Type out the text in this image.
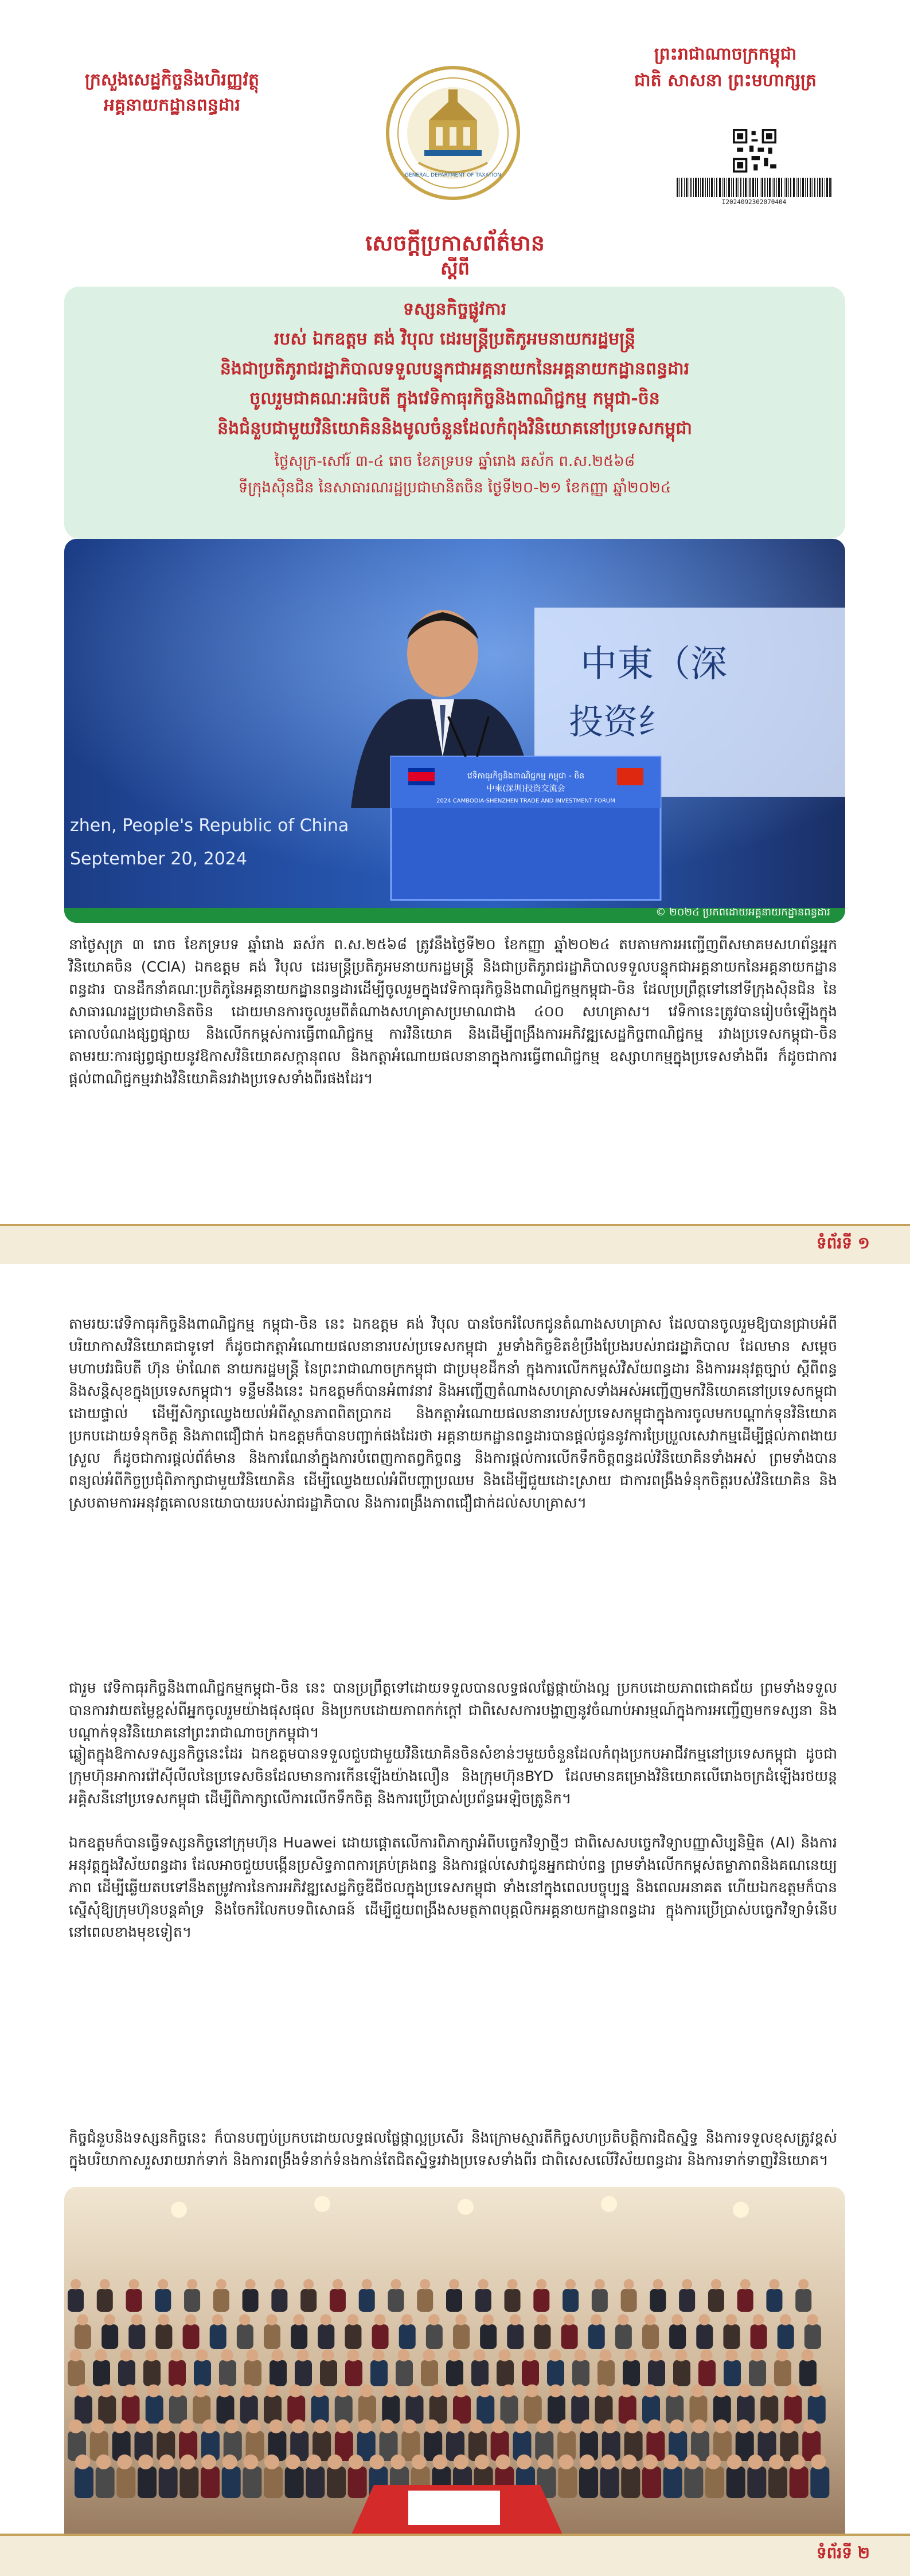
ក្រសួងសេដ្ឋកិច្ចនិងហិរញ្ញវត្ថុ
អគ្គនាយកដ្ឋានពន្ធដារ
GENERAL DEPARTMENT OF TAXATION
ព្រះរាជាណាចក្រកម្ពុជា
ជាតិ សាសនា ព្រះមហាក្សត្រ
I2024092302070404
សេចក្តីប្រកាសព័ត៌មាន
ស្តីពី
ទស្សនកិច្ចផ្លូវការ
របស់ ឯកឧត្តម គង់ វិបុល ដេរមន្ត្រីប្រតិភូអមនាយករដ្ឋមន្ត្រី
និងជាប្រតិភូរាជរដ្ឋាភិបាលទទួលបន្ទុកជាអគ្គនាយកនៃអគ្គនាយកដ្ឋានពន្ធដារ
ចូលរួមជាគណៈអធិបតី ក្នុងវេទិកាធុរកិច្ចនិងពាណិជ្ជកម្ម កម្ពុជា-ចិន
និងជំនួបជាមួយវិនិយោគិននិងមូលចំនួនដែលកំពុងវិនិយោគនៅប្រទេសកម្ពុជា
ថ្ងៃសុក្រ-សៅរ៍ ៣-៤ រោច ខែភទ្របទ ឆ្នាំរោង ឆស័ក ព.ស.២៥៦៨
ទីក្រុងស៊ិនជិន នៃសាធារណរដ្ឋប្រជាមានិតចិន ថ្ងៃទី២០-២១ ខែកញ្ញា ឆ្នាំ២០២៤
中東（深
投资纟
zhen, People's Republic of China
September 20, 2024
វេទិកាធុរកិច្ចនិងពាណិជ្ជកម្ម កម្ពុជា - ចិន
中柬(深圳)投资交流会
2024 CAMBODIA-SHENZHEN TRADE AND INVESTMENT FORUM
© ២០២៤ ប្រភពដោយអគ្គនាយកដ្ឋានពន្ធដារ
នាថ្ងៃសុក្រ ៣ រោច ខែភទ្របទ ឆ្នាំរោង ឆស័ក ព.ស.២៥៦៨ ត្រូវនឹងថ្ងៃទី២០ ខែកញ្ញា ឆ្នាំ២០២៤ តបតាមការអញ្ជើញពីសមាគមសហព័ន្ធអ្នកវិនិយោគចិន (CCIA) ឯកឧត្តម គង់ វិបុល ដេរមន្ត្រីប្រតិភូអមនាយករដ្ឋមន្ត្រី និងជាប្រតិភូរាជរដ្ឋាភិបាលទទួលបន្ទុកជាអគ្គនាយកនៃអគ្គនាយកដ្ឋានពន្ធដារ បានដឹកនាំគណៈប្រតិភូនៃអគ្គនាយកដ្ឋានពន្ធដារដើម្បីចូលរួមក្នុងវេទិកាធុរកិច្ចនិងពាណិជ្ជកម្មកម្ពុជា-ចិន ដែលប្រព្រឹត្តទៅនៅទីក្រុងស៊ិនជិន នៃសាធារណរដ្ឋប្រជាមានិតចិន ដោយមានការចូលរួមពីតំណាងសហគ្រាសប្រមាណជាង ៤០០ សហគ្រាស។ វេទិកានេះត្រូវបានរៀបចំឡើងក្នុងគោលបំណងផ្សព្វផ្សាយ និងលើកកម្ពស់ការធ្វើពាណិជ្ជកម្ម ការវិនិយោគ និងដើម្បីពង្រឹងការអភិវឌ្ឍសេដ្ឋកិច្ចពាណិជ្ជកម្ម រវាងប្រទេសកម្ពុជា-ចិន តាមរយៈការផ្សព្វផ្សាយនូវឱកាសវិនិយោគសក្តានុពល និងកត្តាអំណោយផលនានាក្នុងការធ្វើពាណិជ្ជកម្ម ឧស្សាហកម្មក្នុងប្រទេសទាំងពីរ ក៏ដូចជាការផ្តល់ពាណិជ្ជកម្មរវាងវិនិយោគិនរវាងប្រទេសទាំងពីរផងដែរ។
ទំព័រទី ១
តាមរយៈវេទិកាធុរកិច្ចនិងពាណិជ្ជកម្ម កម្ពុជា-ចិន នេះ ឯកឧត្តម គង់ វិបុល បានចែករំលែកជូនតំណាងសហគ្រាស ដែលបានចូលរួមឱ្យបានជ្រាបអំពីបរិយាកាសវិនិយោគជាទូទៅ ក៏ដូចជាកត្តាអំណោយផលនានារបស់ប្រទេសកម្ពុជា រួមទាំងកិច្ចខិតខំប្រឹងប្រែងរបស់រាជរដ្ឋាភិបាល ដែលមាន សម្តេចមហាបវរធិបតី ហ៊ុន ម៉ាណែត នាយករដ្ឋមន្ត្រី នៃព្រះរាជាណាចក្រកម្ពុជា ជាប្រមុខដឹកនាំ ក្នុងការលើកកម្ពស់វិស័យពន្ធដារ និងការអនុវត្តច្បាប់ ស្តីពីពន្ធ និងសន្តិសុខក្នុងប្រទេសកម្ពុជា។ ទន្ទឹមនឹងនេះ ឯកឧត្តមក៏បានអំពាវនាវ និងអញ្ជើញតំណាងសហគ្រាសទាំងអស់អញ្ជើញមកវិនិយោគនៅប្រទេសកម្ពុជាដោយផ្ទាល់ ដើម្បីសិក្សាឈ្វេងយល់អំពីស្ថានភាពពិតប្រាកដ និងកត្តាអំណោយផលនានារបស់ប្រទេសកម្ពុជាក្នុងការចូលមកបណ្តាក់ទុនវិនិយោគប្រកបដោយទំនុកចិត្ត និងភាពជឿជាក់ ឯកឧត្តមក៏បានបញ្ជាក់ផងដែរថា អគ្គនាយកដ្ឋានពន្ធដារបានផ្តល់ជូននូវការប្រែប្រួលសេវាកម្មដើម្បីផ្តល់ភាពងាយស្រួល ក៏ដូចជាការផ្តល់ព័ត៌មាន និងការណែនាំក្នុងការបំពេញកាតព្វកិច្ចពន្ធ និងការផ្តល់ការលើកទឹកចិត្តពន្ធដល់វិនិយោគិនទាំងអស់ ព្រមទាំងបានពន្យល់អំពីកិច្ចប្រជុំពិភាក្សាជាមួយវិនិយោគិន ដើម្បីឈ្វេងយល់អំពីបញ្ហាប្រឈម និងដើម្បីជួយដោះស្រាយ ជាការពង្រឹងទំនុកចិត្តរបស់វិនិយោគិន និងស្របតាមការអនុវត្តគោលនយោបាយរបស់រាជរដ្ឋាភិបាល និងការពង្រឹងភាពជឿជាក់ដល់សហគ្រាស។
ជារួម វេទិកាធុរកិច្ចនិងពាណិជ្ជកម្មកម្ពុជា-ចិន នេះ បានប្រព្រឹត្តទៅដោយទទួលបានលទ្ធផលផ្លែផ្កាយ៉ាងល្អ ប្រកបដោយភាពជោគជ័យ ព្រមទាំងទទួលបានការវាយតម្លៃខ្ពស់ពីអ្នកចូលរួមយ៉ាងផុសផុល និងប្រកបដោយភាពកក់ក្តៅ ជាពិសេសការបង្ហាញនូវចំណាប់អារម្មណ៍ក្នុងការអញ្ជើញមកទស្សនា និងបណ្តាក់ទុនវិនិយោគនៅព្រះរាជាណាចក្រកម្ពុជា។
ឆ្លៀតក្នុងឱកាសទស្សនកិច្ចនេះដែរ ឯកឧត្តមបានទទួលជួបជាមួយវិនិយោគិនចិនសំខាន់ៗមួយចំនួនដែលកំពុងប្រកបអាជីវកម្មនៅប្រទេសកម្ពុជា ដូចជាក្រុមហ៊ុនអាការរ៉ៅស៊ីលីលនៃប្រទេសចិនដែលមានការកើនឡើងយ៉ាងលឿន និងក្រុមហ៊ុនBYD ដែលមានគម្រោងវិនិយោគលើរោងចក្រដំឡើងរថយន្តអគ្គិសនីនៅប្រទេសកម្ពុជា ដើម្បីពិភាក្សាលើការលើកទឹកចិត្ត និងការប្រើប្រាស់ប្រព័ន្ធអេឡិចត្រូនិក។
ឯកឧត្តមក៏បានធ្វើទស្សនកិច្ចនៅក្រុមហ៊ុន Huawei ដោយផ្តោតលើការពិភាក្សាអំពីបច្ចេកវិទ្យាថ្មីៗ ជាពិសេសបច្ចេកវិទ្យាបញ្ញាសិប្បនិម្មិត (AI) និងការអនុវត្តក្នុងវិស័យពន្ធដារ ដែលអាចជួយបង្កើនប្រសិទ្ធភាពការគ្រប់គ្រងពន្ធ និងការផ្តល់សេវាជូនអ្នកជាប់ពន្ធ ព្រមទាំងលើកកម្ពស់តម្លាភាពនិងគណនេយ្យភាព ដើម្បីឆ្លើយតបទៅនឹងតម្រូវការនៃការអភិវឌ្ឍសេដ្ឋកិច្ចឌីជីថលក្នុងប្រទេសកម្ពុជា ទាំងនៅក្នុងពេលបច្ចុប្បន្ន និងពេលអនាគត ហើយឯកឧត្តមក៏បានស្នើសុំឱ្យក្រុមហ៊ុនបន្តគាំទ្រ និងចែករំលែកបទពិសោធន៍ ដើម្បីជួយពង្រឹងសមត្ថភាពបុគ្គលិកអគ្គនាយកដ្ឋានពន្ធដារ ក្នុងការប្រើប្រាស់បច្ចេកវិទ្យាទំនើបនៅពេលខាងមុខទៀត។
កិច្ចជំនួបនិងទស្សនកិច្ចនេះ ក៏បានបញ្ចប់ប្រកបដោយលទ្ធផលផ្លែផ្កាល្អប្រសើរ និងក្រោមស្មារតីកិច្ចសហប្រតិបត្តិការជិតស្និទ្ធ និងការទទួលខុសត្រូវខ្ពស់ ក្នុងបរិយាកាសរួសរាយរាក់ទាក់ និងការពង្រឹងទំនាក់ទំនងកាន់តែជិតស្និទ្ធរវាងប្រទេសទាំងពីរ ជាពិសេសលើវិស័យពន្ធដារ និងការទាក់ទាញវិនិយោគ។
ទំព័រទី ២
